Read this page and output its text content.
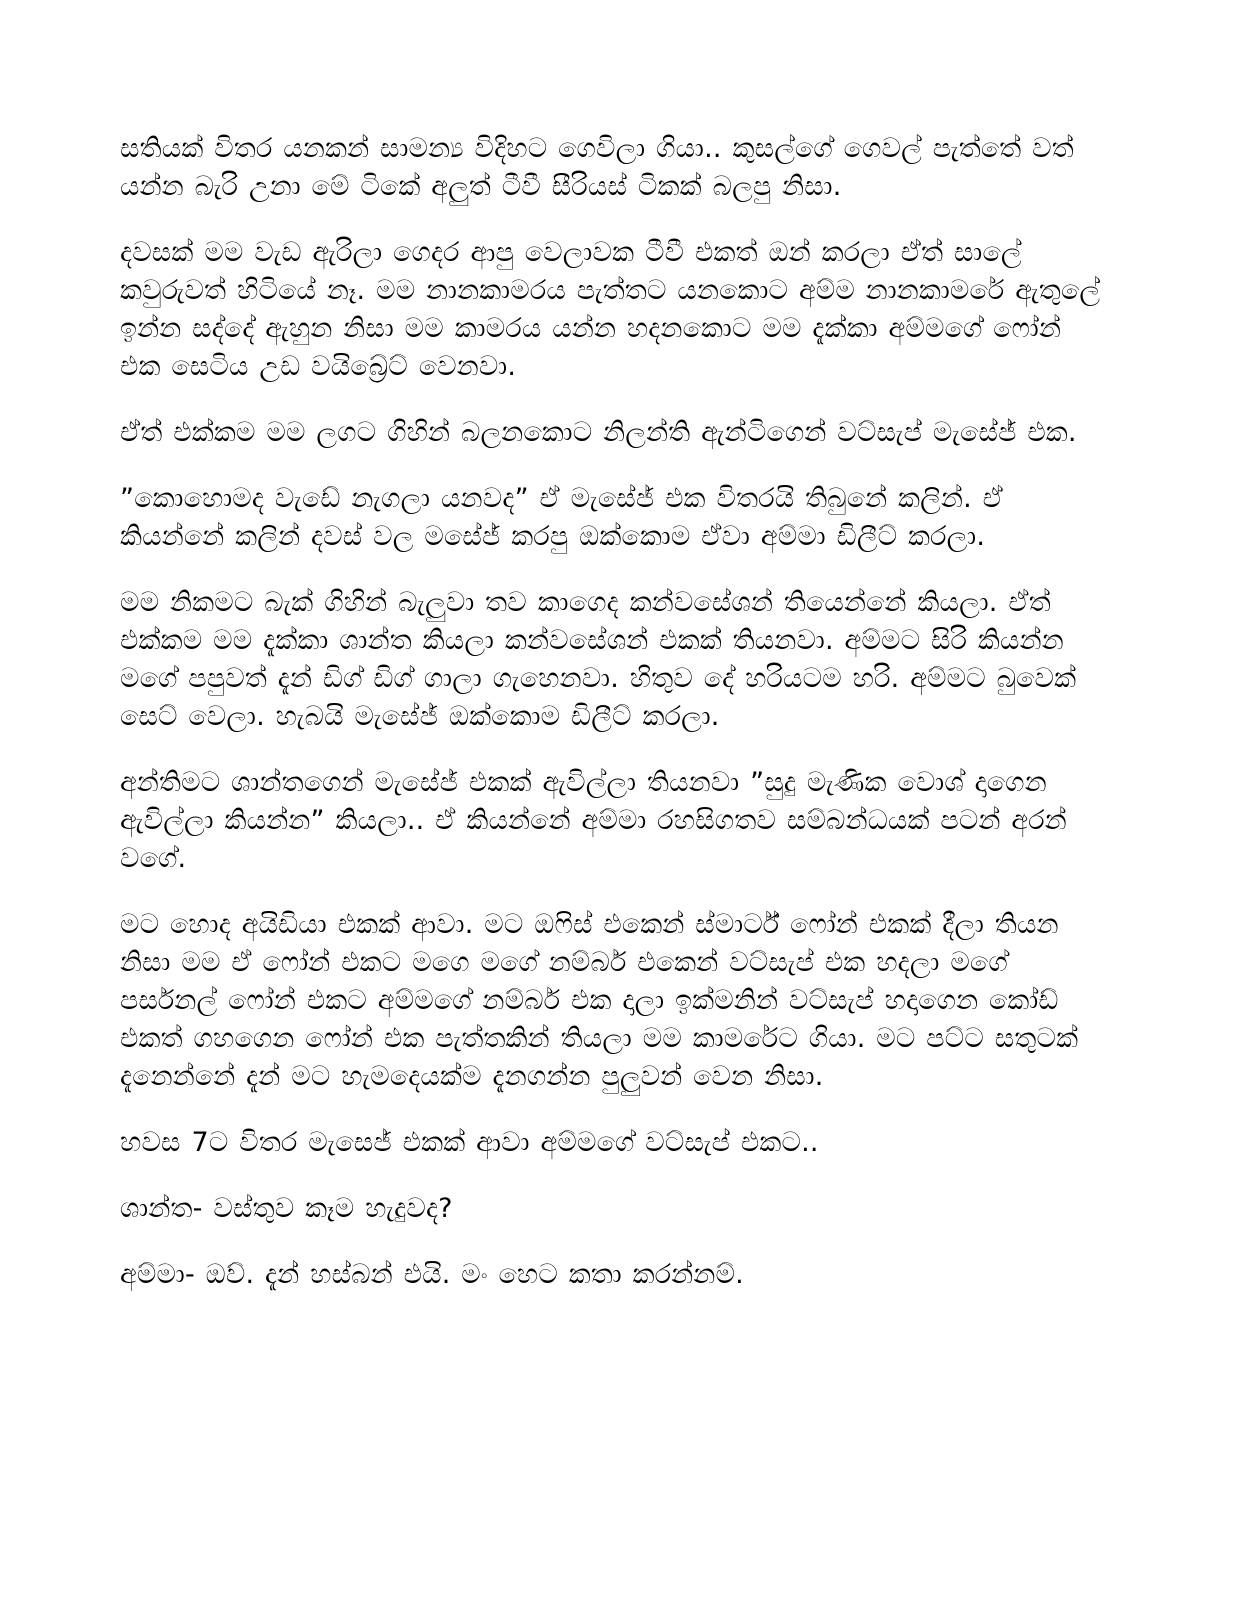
සතියක් විතර යනකන් සාමන්‍ය විදිහට ගෙවිලා ගියා.. කුසල්ගේ ගෙවල් පැත්තේ වත් යන්න බැරි උනා මේ ටිකේ අලුත් ටීවී සීරියස් ටිකක් බලපු නිසා.

දවසක් මම වැඩ ඇරිලා ගෙදර ආපු වෙලාවක ටීවී එකත් ඔන් කරලා ඒත් සාලේ කවුරුවත් හිටියේ නෑ. මම නානකාමරය පැත්තට යනකොට අම්ම නානකාමරේ ඇතුලේ ඉන්න සද්දේ ඇහුන නිසා මම කාමරය යන්න හදනකොට මම දැක්කා අම්මගේ ෆෝන් එක සෙටිය උඩ වයිබ්‍රේට් වෙනවා.

ඒත් එක්කම මම ලගට ගිහින් බලනකොට නිලන්ති ඇන්ටිගෙන් වට්සැප් මැසේජ් එක.

”කොහොමද වැඩේ නැගලා යනවද” ඒ මැසේජ් එක විතරයි තිබුනේ කලින්. ඒ කියන්නේ කලින් දවස් වල මසේජ් කරපු ඔක්කොම ඒවා අම්මා ඩිලීට් කරලා.

මම නිකමට බැක් ගිහින් බැලුවා තව කාගෙද කන්වසේශන් තියෙන්නේ කියලා. ඒත් එක්කම මම දැක්කා ශාන්ත කියලා කන්වසේශන් එකක් තියනවා. අම්මට සිරි කියන්න මගේ පපුවත් දැන් ඩිග් ඩිග් ගාලා ගැහෙනවා. හිතුව දේ හරියටම හරි. අම්මට බුවෙක් සෙට් වෙලා. හැබයි මැසේජ් ඔක්කොම ඩිලීට් කරලා.

අන්තිමට ශාන්තගෙන් මැසේජ් එකක් ඇවිල්ලා තියනවා ”සුදු මැණික වොශ් දාගෙන ඇවිල්ලා කියන්න” කියලා.. ඒ කියන්නේ අම්මා රහසිගතව සම්බන්ධයක් පටන් අරන් වගේ.

මට හොද අයිඩියා එකක් ආවා. මට ඔෆිස් එකෙන් ස්මාර්ට් ෆෝන් එකක් දීලා තියන නිසා මම ඒ ෆෝන් එකට මගෙ මගේ නම්බර් එකෙන් වට්සැප් එක හදලා මගේ පර්සනල් ෆෝන් එකට අම්මගේ නම්බර් එක දාලා ඉක්මනින් වට්සැප් හදාගෙන කෝඩ් එකත් ගහගෙන ෆෝන් එක පැත්තකින් තියලා මම කාමරේට ගියා. මට පට්ට සතුටක් දැනෙන්නේ දැන් මට හැමදෙයක්ම දැනගන්න පුලුවන් වෙන නිසා.

හවස 7ට විතර මැසෙජ් එකක් ආවා අම්මගේ වට්සැප් එකට..

ශාන්ත- වස්තුව කෑම හැදුවද?

අම්මා- ඔව්. දැන් හස්බන් එයි. මං හෙට කතා කරන්නම්.
